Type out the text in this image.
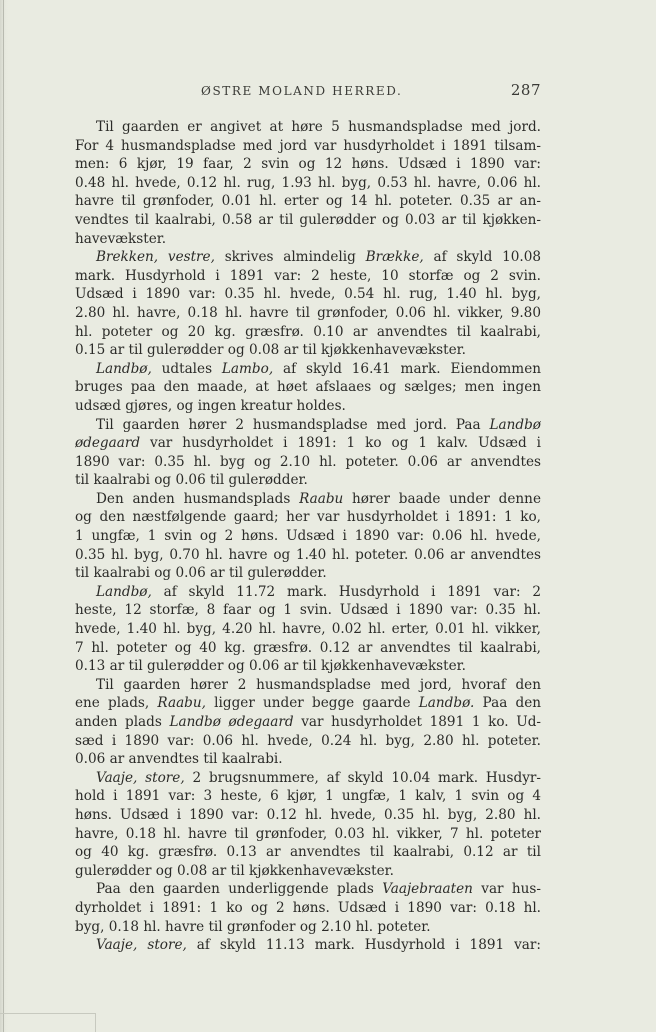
ØSTRE MOLAND HERRED.	287
Til gaarden er angivet at høre 5 husmandspladse med jord.
For 4 husmandspladse med jord var husdyrholdet i 1891 tilsam-
men: 6 kjør, 19 faar, 2 svin og 12 høns. Udsæd i 1890 var:
0.48 hl. hvede, 0.12 hl. rug, 1.93 hl. byg, 0.53 hl. havre, 0.06 hl.
havre til grønfoder, 0.01 hl. erter og 14 hl. poteter. 0.35 ar an-
vendtes til kaalrabi, 0.58 ar til gulerødder og 0.03 ar til kjøkken-
havevækster.
Brekken, vestre, skrives almindelig Brække, af skyld 10.08
mark. Husdyrhold i 1891 var: 2 heste, 10 storfæ og 2 svin.
Udsæd i 1890 var: 0.35 hl. hvede, 0.54 hl. rug, 1.40 hl. byg,
2.80 hl. havre, 0.18 hl. havre til grønfoder, 0.06 hl. vikker, 9.80
hl. poteter og 20 kg. græsfrø. 0.10 ar anvendtes til kaalrabi,
0.15 ar til gulerødder og 0.08 ar til kjøkkenhavevækster.
Landbø, udtales Lambo, af skyld 16.41 mark. Eiendommen
bruges paa den maade, at høet afslaaes og sælges; men ingen
udsæd gjøres, og ingen kreatur holdes.
Til gaarden hører 2 husmandspladse med jord. Paa Landbø
ødegaard var husdyrholdet i 1891: 1 ko og 1 kalv. Udsæd i
1890 var: 0.35 hl. byg og 2.10 hl. poteter. 0.06 ar anvendtes
til kaalrabi og 0.06 til gulerødder.
Den anden husmandsplads Raabu hører baade under denne
og den næstfølgende gaard; her var husdyrholdet i 1891: 1 ko,
1 ungfæ, 1 svin og 2 høns. Udsæd i 1890 var: 0.06 hl. hvede,
0.35 hl. byg, 0.70 hl. havre og 1.40 hl. poteter. 0.06 ar anvendtes
til kaalrabi og 0.06 ar til gulerødder.
Landbø, af skyld 11.72 mark. Husdyrhold i 1891 var: 2
heste, 12 storfæ, 8 faar og 1 svin. Udsæd i 1890 var: 0.35 hl.
hvede, 1.40 hl. byg, 4.20 hl. havre, 0.02 hl. erter, 0.01 hl. vikker,
7 hl. poteter og 40 kg. græsfrø. 0.12 ar anvendtes til kaalrabi,
0.13 ar til gulerødder og 0.06 ar til kjøkkenhavevækster.
Til gaarden hører 2 husmandspladse med jord, hvoraf den
ene plads, Raabu, ligger under begge gaarde Landbø. Paa den
anden plads Landbø ødegaard var husdyrholdet 1891 1 ko. Ud-
sæd i 1890 var: 0.06 hl. hvede, 0.24 hl. byg, 2.80 hl. poteter.
0.06 ar anvendtes til kaalrabi.
Vaaje, store, 2 brugsnummere, af skyld 10.04 mark. Husdyr-
hold i 1891 var: 3 heste, 6 kjør, 1 ungfæ, 1 kalv, 1 svin og 4
høns. Udsæd i 1890 var: 0.12 hl. hvede, 0.35 hl. byg, 2.80 hl.
havre, 0.18 hl. havre til grønfoder, 0.03 hl. vikker, 7 hl. poteter
og 40 kg. græsfrø. 0.13 ar anvendtes til kaalrabi, 0.12 ar til
gulerødder og 0.08 ar til kjøkkenhavevækster.
Paa den gaarden underliggende plads Vaajebraaten var hus-
dyrholdet i 1891: 1 ko og 2 høns. Udsæd i 1890 var: 0.18 hl.
byg, 0.18 hl. havre til grønfoder og 2.10 hl. poteter.
Vaaje, store, af skyld 11.13 mark. Husdyrhold i 1891 var:
